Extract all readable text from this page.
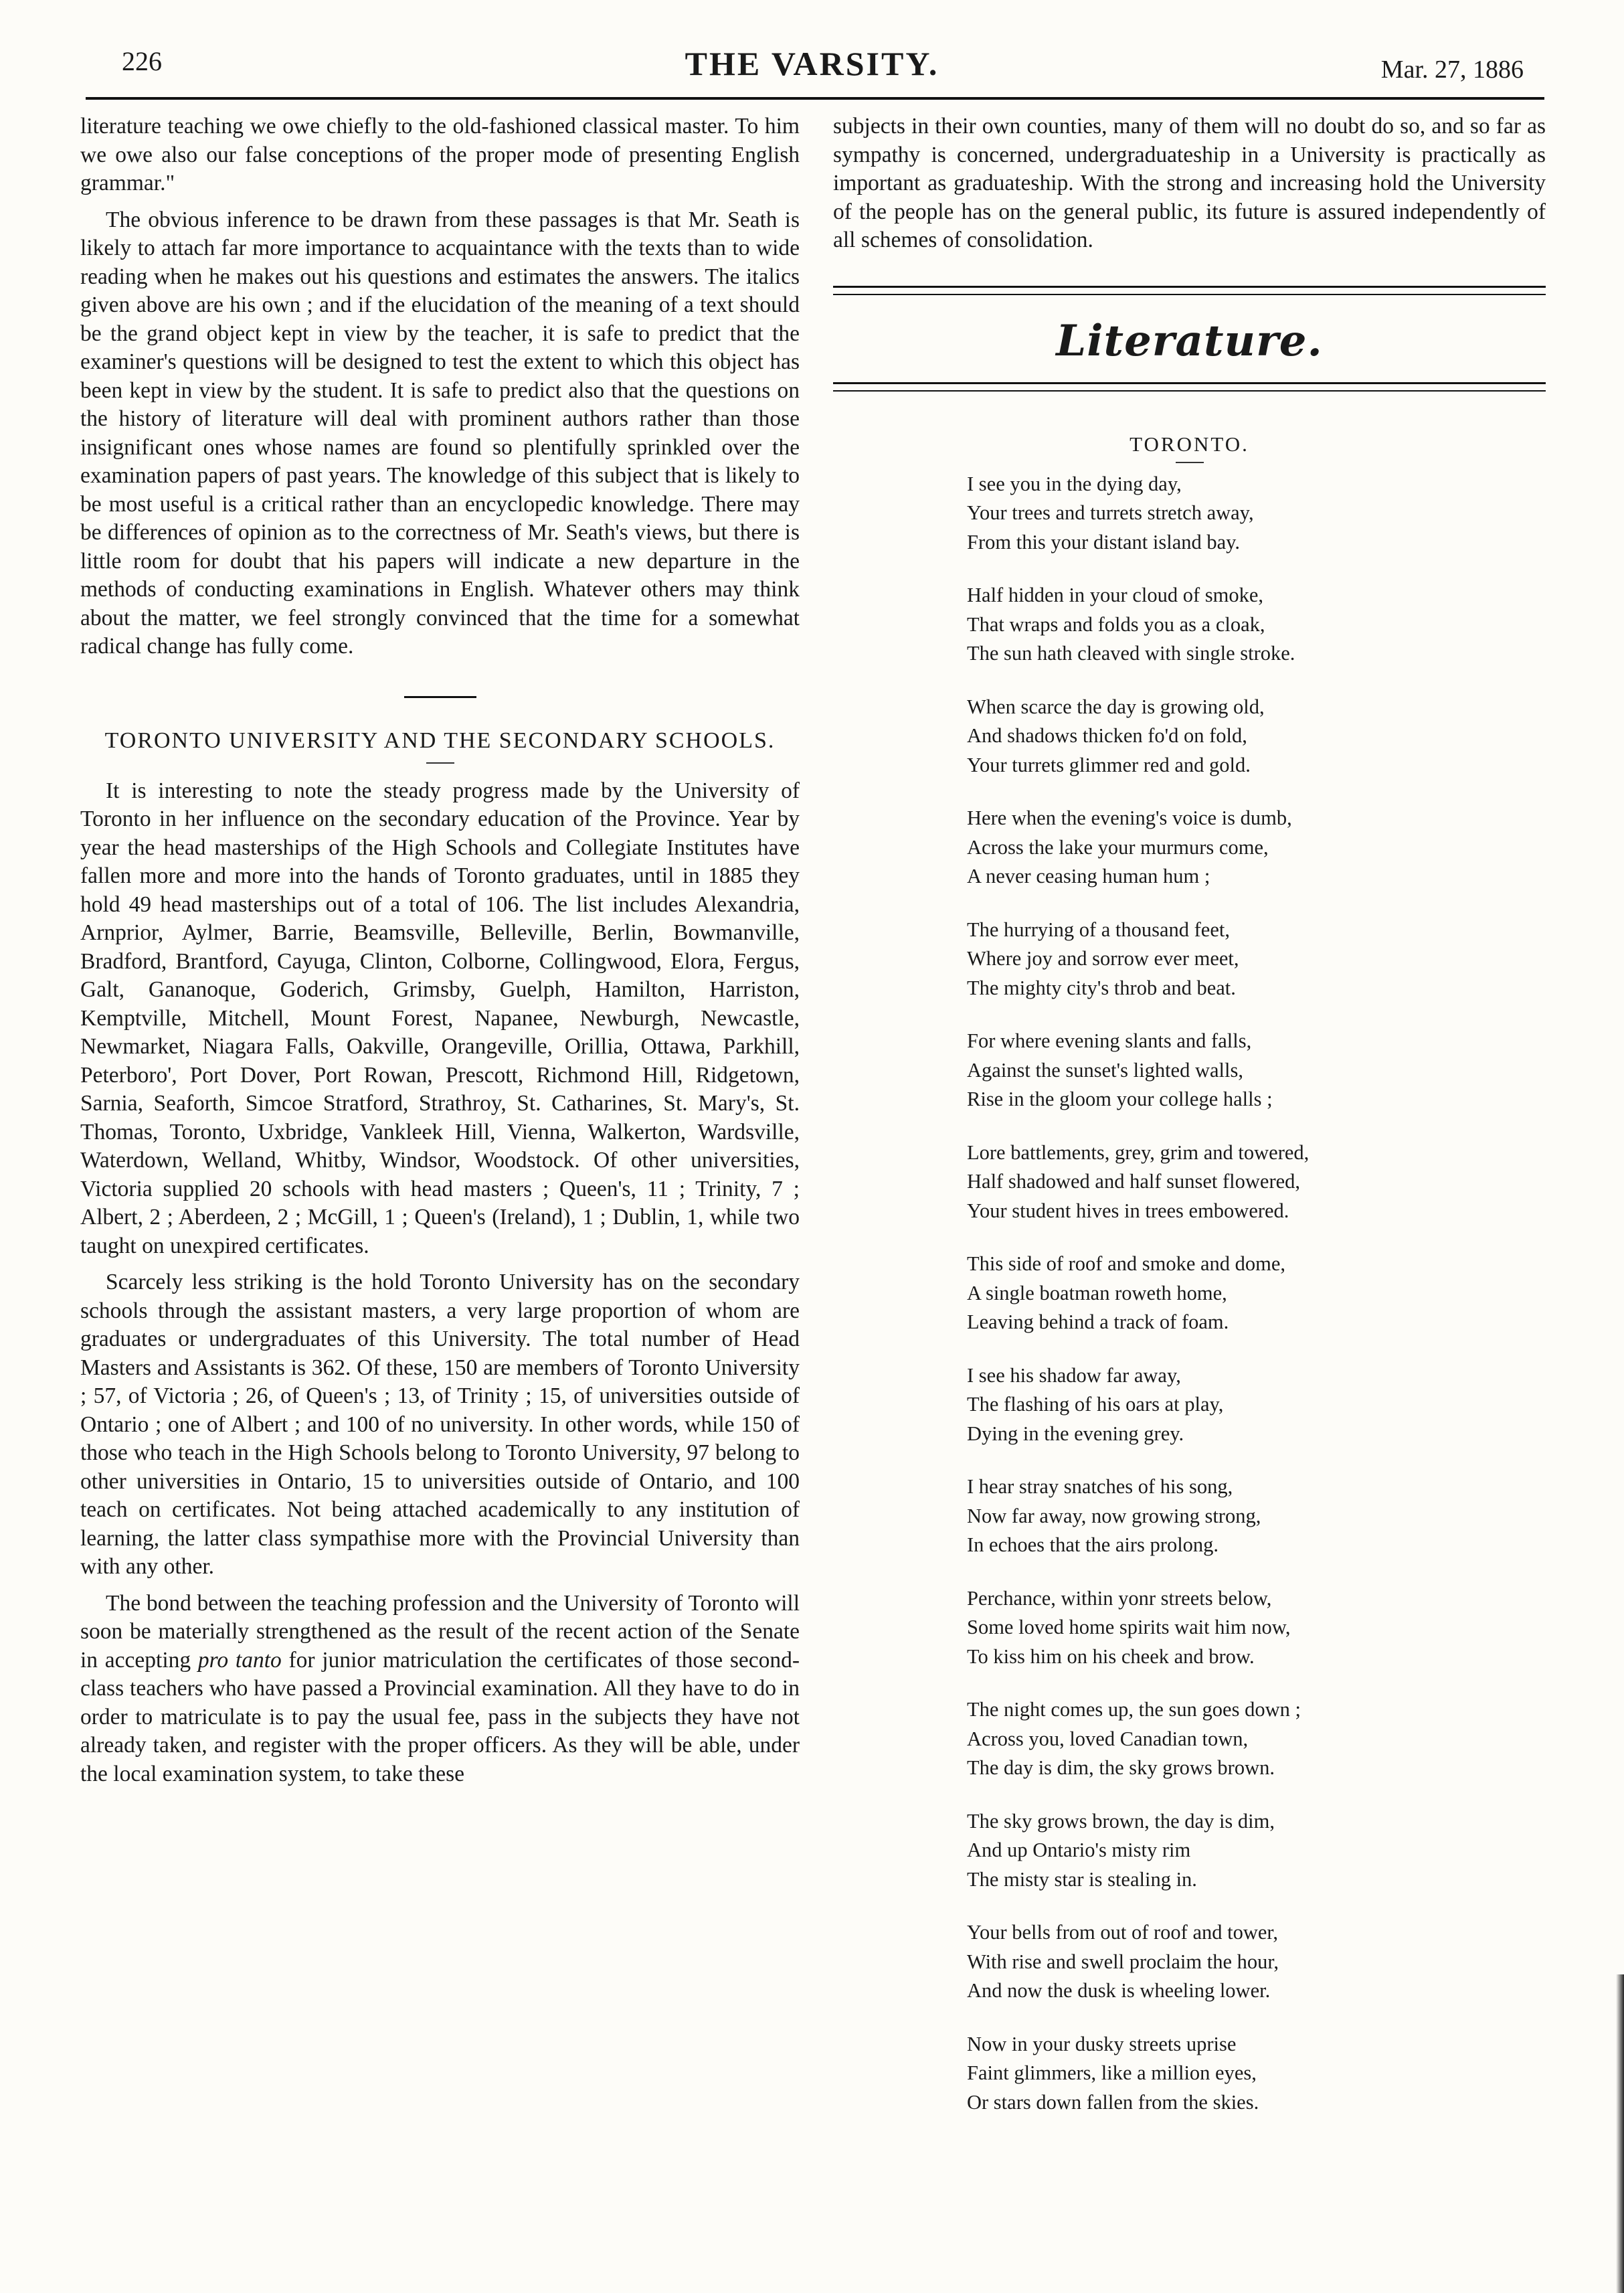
226	THE VARSITY.	Mar. 27, 1886

literature teaching we owe chiefly to the old-fashioned classical master. To him we owe also our false conceptions of the proper mode of presenting English grammar."

The obvious inference to be drawn from these passages is that Mr. Seath is likely to attach far more importance to acquaintance with the texts than to wide reading when he makes out his questions and estimates the answers. The italics given above are his own ; and if the elucidation of the meaning of a text should be the grand object kept in view by the teacher, it is safe to predict that the examiner's questions will be designed to test the extent to which this object has been kept in view by the student. It is safe to predict also that the questions on the history of literature will deal with prominent authors rather than those insignificant ones whose names are found so plentifully sprinkled over the examination papers of past years. The knowledge of this subject that is likely to be most useful is a critical rather than an encyclopedic knowledge. There may be differences of opinion as to the correctness of Mr. Seath's views, but there is little room for doubt that his papers will indicate a new departure in the methods of conducting examinations in English. Whatever others may think about the matter, we feel strongly convinced that the time for a somewhat radical change has fully come.

TORONTO UNIVERSITY AND THE SECONDARY SCHOOLS.

It is interesting to note the steady progress made by the University of Toronto in her influence on the secondary education of the Province. Year by year the head masterships of the High Schools and Collegiate Institutes have fallen more and more into the hands of Toronto graduates, until in 1885 they hold 49 head masterships out of a total of 106. The list includes Alexandria, Arnprior, Aylmer, Barrie, Beamsville, Belleville, Berlin, Bowmanville, Bradford, Brantford, Cayuga, Clinton, Colborne, Collingwood, Elora, Fergus, Galt, Gananoque, Goderich, Grimsby, Guelph, Hamilton, Harriston, Kemptville, Mitchell, Mount Forest, Napanee, Newburgh, Newcastle, Newmarket, Niagara Falls, Oakville, Orangeville, Orillia, Ottawa, Parkhill, Peterboro', Port Dover, Port Rowan, Prescott, Richmond Hill, Ridgetown, Sarnia, Seaforth, Simcoe Stratford, Strathroy, St. Catharines, St. Mary's, St. Thomas, Toronto, Uxbridge, Vankleek Hill, Vienna, Walkerton, Wardsville, Waterdown, Welland, Whitby, Windsor, Woodstock. Of other universities, Victoria supplied 20 schools with head masters ; Queen's, 11 ; Trinity, 7 ; Albert, 2 ; Aberdeen, 2 ; McGill, 1 ; Queen's (Ireland), 1 ; Dublin, 1, while two taught on unexpired certificates.

Scarcely less striking is the hold Toronto University has on the secondary schools through the assistant masters, a very large proportion of whom are graduates or undergraduates of this University. The total number of Head Masters and Assistants is 362. Of these, 150 are members of Toronto University ; 57, of Victoria ; 26, of Queen's ; 13, of Trinity ; 15, of universities outside of Ontario ; one of Albert ; and 100 of no university. In other words, while 150 of those who teach in the High Schools belong to Toronto University, 97 belong to other universities in Ontario, 15 to universities outside of Ontario, and 100 teach on certificates. Not being attached academically to any institution of learning, the latter class sympathise more with the Provincial University than with any other.

The bond between the teaching profession and the University of Toronto will soon be materially strengthened as the result of the recent action of the Senate in accepting pro tanto for junior matriculation the certificates of those second-class teachers who have passed a Provincial examination. All they have to do in order to matriculate is to pay the usual fee, pass in the subjects they have not already taken, and register with the proper officers. As they will be able, under the local examination system, to take these

subjects in their own counties, many of them will no doubt do so, and so far as sympathy is concerned, undergraduateship in a University is practically as important as graduateship. With the strong and increasing hold the University of the people has on the general public, its future is assured independently of all schemes of consolidation.

Literature.
TORONTO.
I see you in the dying day,
Your trees and turrets stretch away,
From this your distant island bay.
Half hidden in your cloud of smoke,
That wraps and folds you as a cloak,
The sun hath cleaved with single stroke.
When scarce the day is growing old,
And shadows thicken fo'd on fold,
Your turrets glimmer red and gold.
Here when the evening's voice is dumb,
Across the lake your murmurs come,
A never ceasing human hum ;
The hurrying of a thousand feet,
Where joy and sorrow ever meet,
The mighty city's throb and beat.
For where evening slants and falls,
Against the sunset's lighted walls,
Rise in the gloom your college halls ;
Lore battlements, grey, grim and towered,
Half shadowed and half sunset flowered,
Your student hives in trees embowered.
This side of roof and smoke and dome,
A single boatman roweth home,
Leaving behind a track of foam.
I see his shadow far away,
The flashing of his oars at play,
Dying in the evening grey.
I hear stray snatches of his song,
Now far away, now growing strong,
In echoes that the airs prolong.
Perchance, within yonr streets below,
Some loved home spirits wait him now,
To kiss him on his cheek and brow.
The night comes up, the sun goes down ;
Across you, loved Canadian town,
The day is dim, the sky grows brown.
The sky grows brown, the day is dim,
And up Ontario's misty rim
The misty star is stealing in.
Your bells from out of roof and tower,
With rise and swell proclaim the hour,
And now the dusk is wheeling lower.
Now in your dusky streets uprise
Faint glimmers, like a million eyes,
Or stars down fallen from the skies.
